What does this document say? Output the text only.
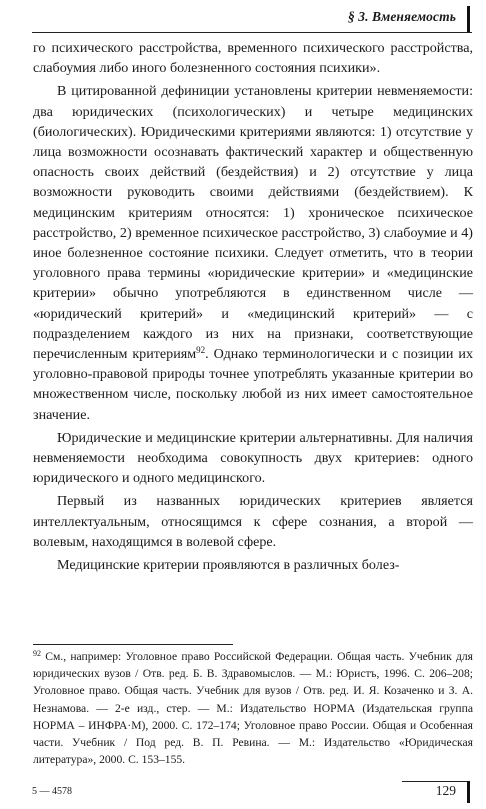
§ 3. Вменяемость

го психического расстройства, временного психического расстройства, слабоумия либо иного болезненного состояния психики».

В цитированной дефиниции установлены критерии невменяемости: два юридических (психологических) и четыре медицинских (биологических). Юридическими критериями являются: 1) отсутствие у лица возможности осознавать фактический характер и общественную опасность своих действий (бездействия) и 2) отсутствие у лица возможности руководить своими действиями (бездействием). К медицинским критериям относятся: 1) хроническое психическое расстройство, 2) временное психическое расстройство, 3) слабоумие и 4) иное болезненное состояние психики. Следует отметить, что в теории уголовного права термины «юридические критерии» и «медицинские критерии» обычно употребляются в единственном числе — «юридический критерий» и «медицинский критерий» — с подразделением каждого из них на признаки, соответствующие перечисленным критериям$^{92}$. Однако терминологически и с позиции их уголовно-правовой природы точнее употреблять указанные критерии во множественном числе, поскольку любой из них имеет самостоятельное значение.

Юридические и медицинские критерии альтернативны. Для наличия невменяемости необходима совокупность двух критериев: одного юридического и одного медицинского.

Первый из названных юридических критериев является интеллектуальным, относящимся к сфере сознания, а второй — волевым, находящимся в волевой сфере.

Медицинские критерии проявляются в различных болез-

$^{92}$ См., например: Уголовное право Российской Федерации. Общая часть. Учебник для юридических вузов / Отв. ред. Б. В. Здравомыслов. — М.: Юристъ, 1996. С. 206–208; Уголовное право. Общая часть. Учебник для вузов / Отв. ред. И. Я. Козаченко и З. А. Незнамова. — 2-е изд., стер. — М.: Издательство НОРМА (Издательская группа НОРМА – ИНФРА·М), 2000. С. 172–174; Уголовное право России. Общая и Особенная части. Учебник / Под ред. В. П. Ревина. — М.: Издательство «Юридическая литература», 2000. С. 153–155.
5 — 4578	129
